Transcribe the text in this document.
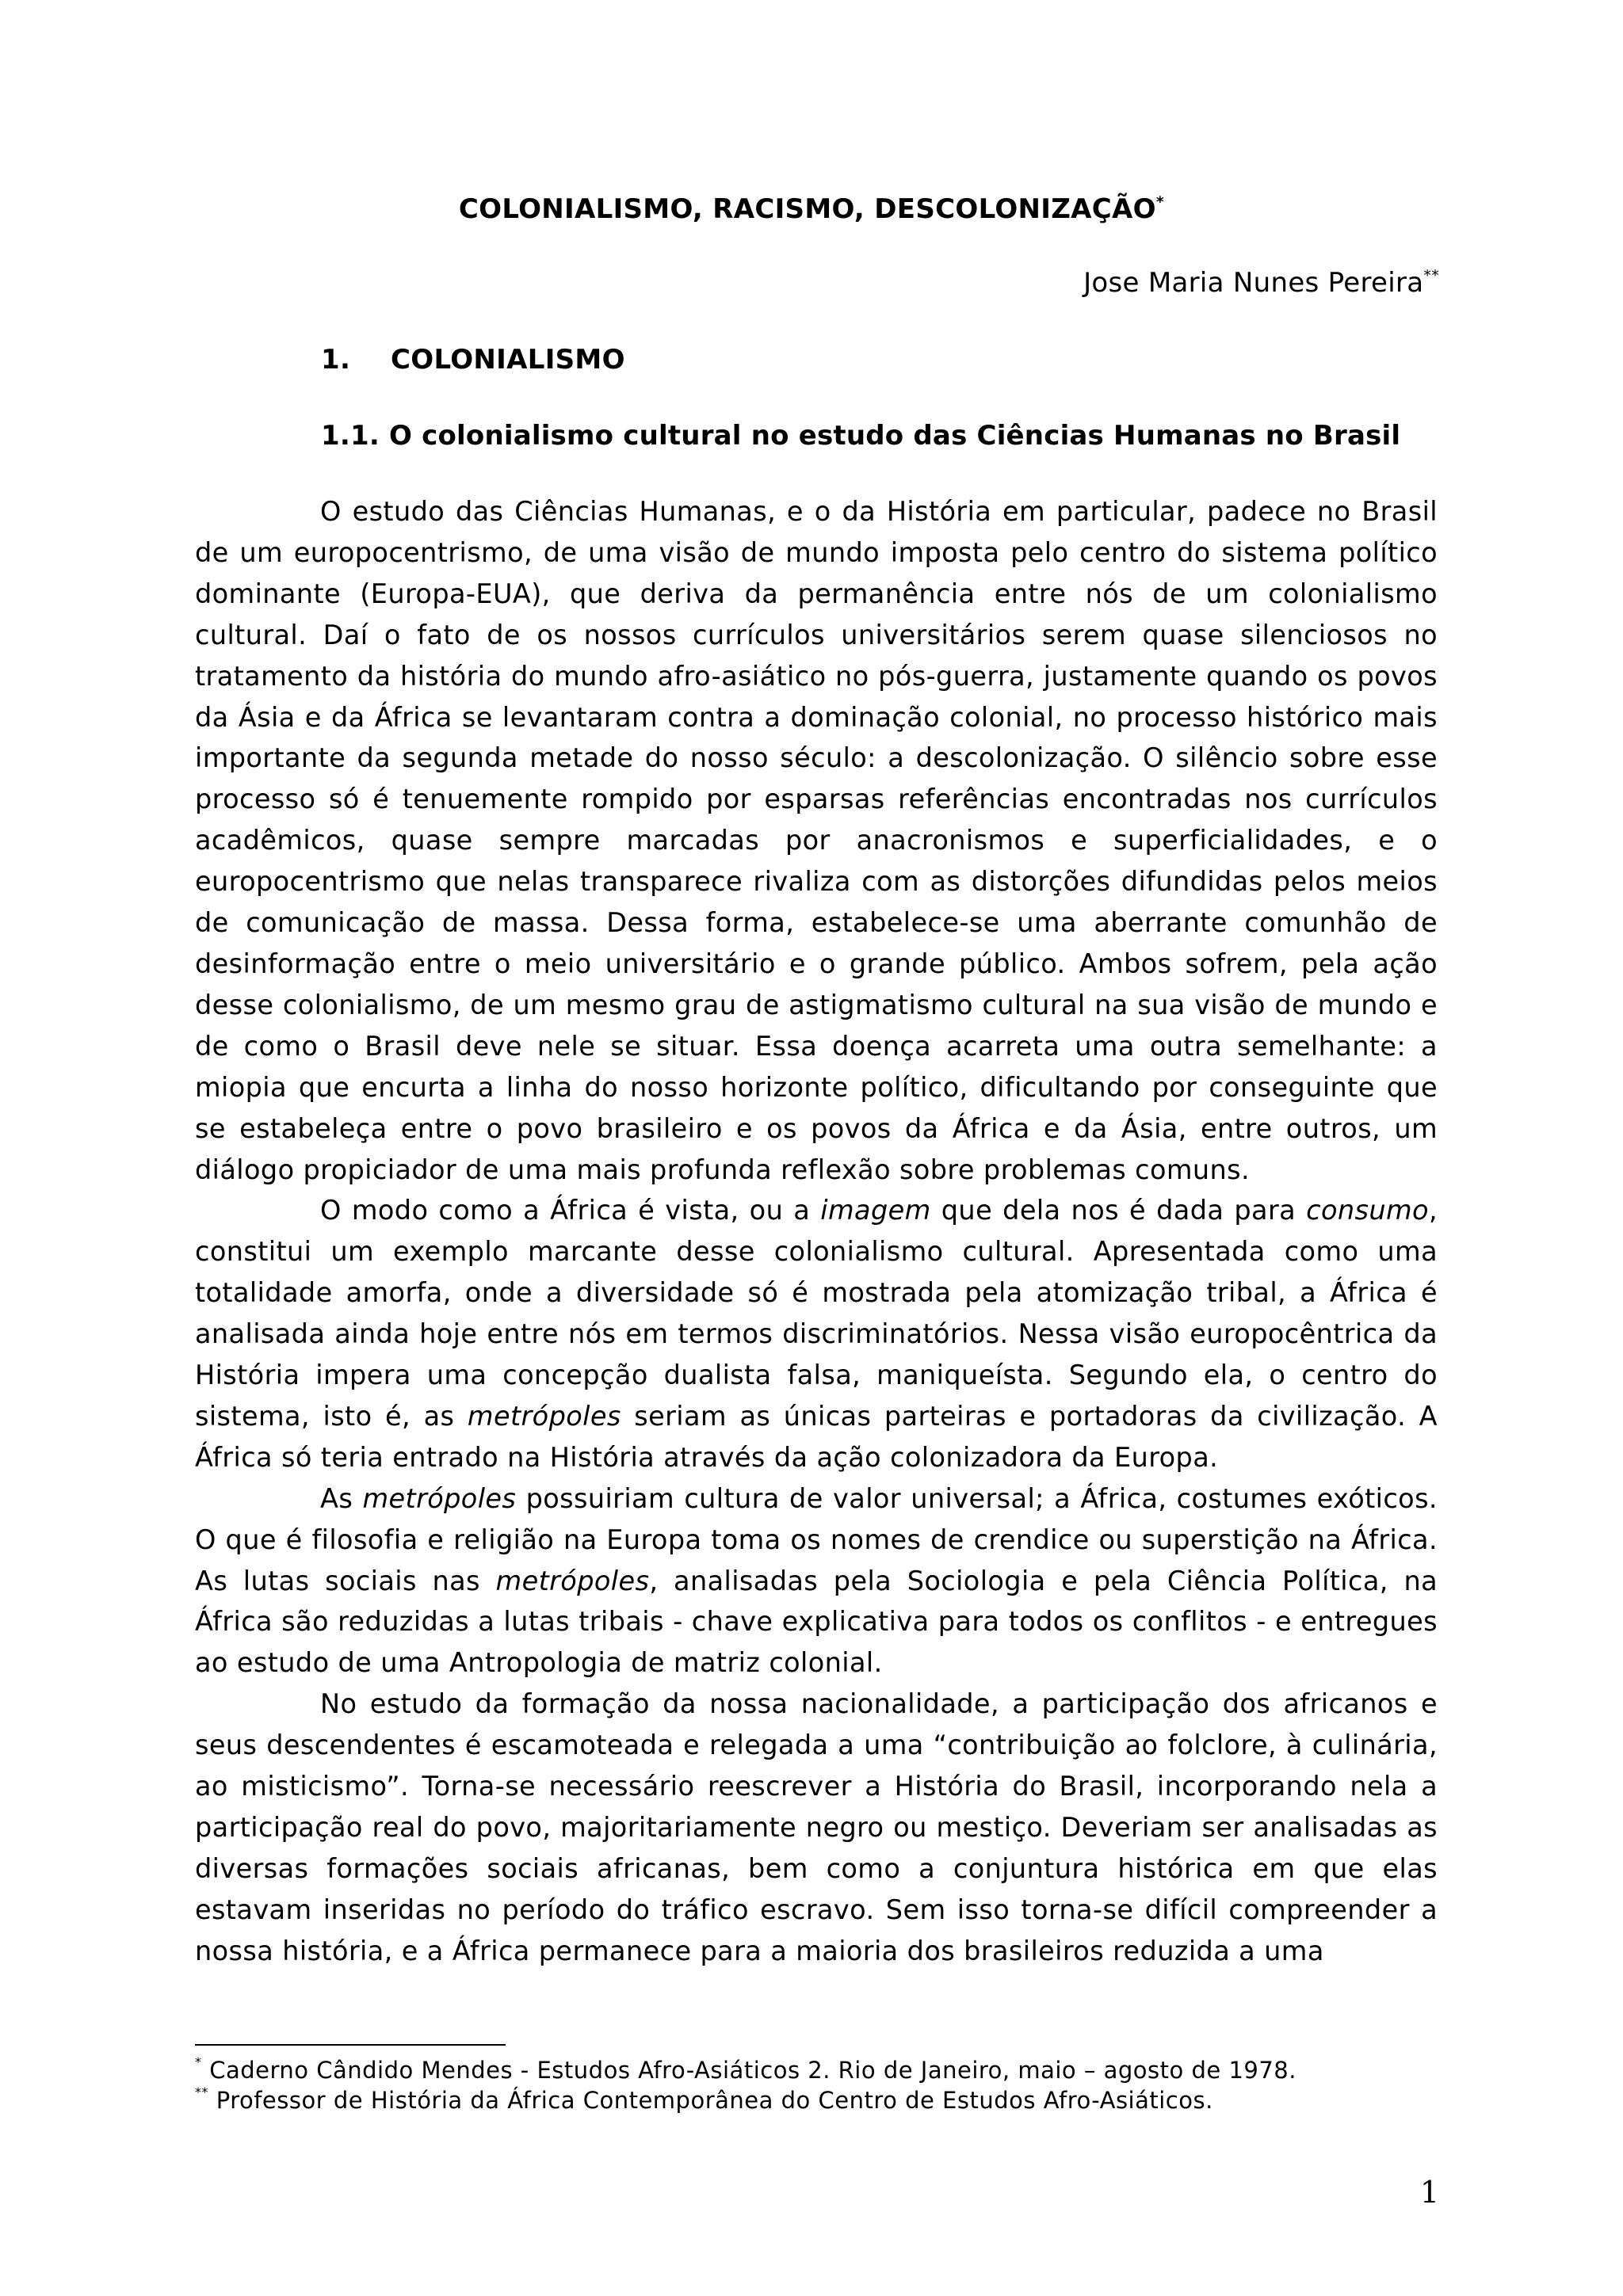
COLONIALISMO, RACISMO, DESCOLONIZAÇÃO*
Jose Maria Nunes Pereira**
1. COLONIALISMO
1.1. O colonialismo cultural no estudo das Ciências Humanas no Brasil

O estudo das Ciências Humanas, e o da História em particular, padece no Brasil de um europocentrismo, de uma visão de mundo imposta pelo centro do sistema político dominante (Europa-EUA), que deriva da permanência entre nós de um colonialismo cultural. Daí o fato de os nossos currículos universitários serem quase silenciosos no tratamento da história do mundo afro-asiático no pós-guerra, justamente quando os povos da Ásia e da África se levantaram contra a dominação colonial, no processo histórico mais importante da segunda metade do nosso século: a descolonização. O silêncio sobre esse processo só é tenuemente rompido por esparsas referências encontradas nos currículos acadêmicos, quase sempre marcadas por anacronismos e superficialidades, e o europocentrismo que nelas transparece rivaliza com as distorções difundidas pelos meios de comunicação de massa. Dessa forma, estabelece-se uma aberrante comunhão de desinformação entre o meio universitário e o grande público. Ambos sofrem, pela ação desse colonialismo, de um mesmo grau de astigmatismo cultural na sua visão de mundo e de como o Brasil deve nele se situar. Essa doença acarreta uma outra semelhante: a miopia que encurta a linha do nosso horizonte político, dificultando por conseguinte que se estabeleça entre o povo brasileiro e os povos da África e da Ásia, entre outros, um diálogo propiciador de uma mais profunda reflexão sobre problemas comuns.

O modo como a África é vista, ou a imagem que dela nos é dada para consumo, constitui um exemplo marcante desse colonialismo cultural. Apresentada como uma totalidade amorfa, onde a diversidade só é mostrada pela atomização tribal, a África é analisada ainda hoje entre nós em termos discriminatórios. Nessa visão europocêntrica da História impera uma concepção dualista falsa, maniqueísta. Segundo ela, o centro do sistema, isto é, as metrópoles seriam as únicas parteiras e portadoras da civilização. A África só teria entrado na História através da ação colonizadora da Europa.

As metrópoles possuiriam cultura de valor universal; a África, costumes exóticos. O que é filosofia e religião na Europa toma os nomes de crendice ou superstição na África. As lutas sociais nas metrópoles, analisadas pela Sociologia e pela Ciência Política, na África são reduzidas a lutas tribais - chave explicativa para todos os conflitos - e entregues ao estudo de uma Antropologia de matriz colonial.

No estudo da formação da nossa nacionalidade, a participação dos africanos e seus descendentes é escamoteada e relegada a uma “contribuição ao folclore, à culinária, ao misticismo”. Torna-se necessário reescrever a História do Brasil, incorporando nela a participação real do povo, majoritariamente negro ou mestiço. Deveriam ser analisadas as diversas formações sociais africanas, bem como a conjuntura histórica em que elas estavam inseridas no período do tráfico escravo. Sem isso torna-se difícil compreender a nossa história, e a África permanece para a maioria dos brasileiros reduzida a uma

* Caderno Cândido Mendes - Estudos Afro-Asiáticos 2. Rio de Janeiro, maio – agosto de 1978.
** Professor de História da África Contemporânea do Centro de Estudos Afro-Asiáticos.
1
